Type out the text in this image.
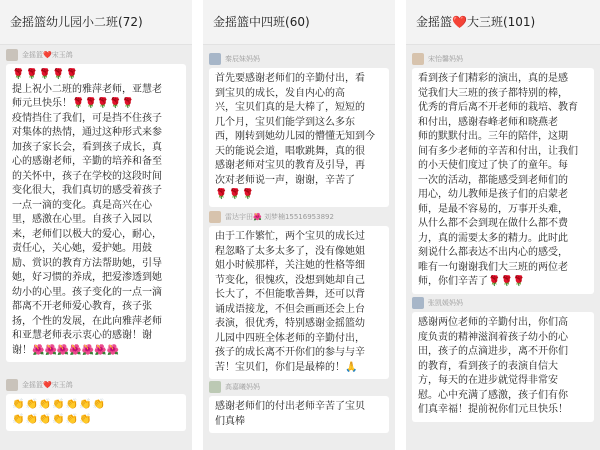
金摇篮幼儿园小二班(72)
金摇篮❤️宋玉鸽
🌹🌹🌹🌹🌹
提上祝小二班的雅萍老师，亚慧老
师元旦快乐！🌹🌹🌹🌹🌹
疫情挡住了我们，可是挡不住孩子
对集体的热情，通过这种形式来参
加孩子家长会，看到孩子成长，真
心的感谢老师，辛勤的培养和备至
的关怀中，孩子在学校的这段时间
变化很大，我们真切的感受着孩子
一点一滴的变化。真是高兴在心
里，感激在心里。自孩子入园以
来，老师们以极大的爱心，耐心，
责任心，关心她，爱护她。用鼓
励、赏识的教育方法帮助她，引导
她，好习惯的养成，把爱渗透到她
幼小的心里。孩子变化的一点一滴
都离不开老师爱心教育，孩子张
扬，个性的发展，在此向雅萍老师
和亚慧老师表示衷心的感谢！谢
谢！🌺🌺🌺🌺🌺🌺🌺
金摇篮❤️宋玉鸽
👏👏👏👏👏👏👏
👏👏👏👏👏👏
金摇篮中四班(60)
秦辰妹妈妈
首先要感谢老师们的辛勤付出，看
到宝贝的成长，发自内心的高
兴，宝贝们真的是大棒了，短短的
几个月，宝贝们能学到这么多东
西，刚转到她幼儿园的懵懂无知到今
天的能说会道，唱歌跳舞，真的很
感谢老师对宝贝的教育及引导，再
次对老师说一声，谢谢，辛苦了
🌹🌹🌹
雷达宇田🌺 刘梦楠15516953892
由于工作繁忙，两个宝贝的成长过
程忽略了太多太多了，没有像她姐
姐小时候那样，关注她的性格等细
节变化，很愧疚，没想到她却自己
长大了，不但能歌善舞，还可以背
诵成语接龙，不但会画画还会上台
表演，很优秀，特别感谢金摇篮幼
儿园中四班全体老师的辛勤付出，
孩子的成长离不开你们的参与与辛
苦！宝贝们，你们是最棒的！🙏
高嘉曦妈妈
感谢老师们的付出老师辛苦了宝贝
们真棒
金摇篮❤️大三班(101)
宋怡馨妈妈
看到孩子们精彩的演出，真的是感
觉我们大三班的孩子都特别的棒，
优秀的背后离不开老师的栽培、教育
和付出，感谢春峰老师和晓燕老
师的默默付出。三年的陪伴，这期
间有多少老师的辛苦和付出，让我们
的小天使们度过了快了的童年。每
一次的活动，都能感受到老师们的
用心，幼儿教师是孩子们的启蒙老
师，是最不容易的，万事开头难，
从什么都不会到现在做什么都不费
力，真的需要太多的精力。此时此
刻说什么都表达不出内心的感受，
唯有一句谢谢我们大三班的两位老
师，你们辛苦了🌹🌹🌹
张凯媛妈妈
感谢两位老师的辛勤付出，你们高
度负责的精神滋润着孩子幼小的心
田，孩子的点滴进步，离不开你们
的教育，看到孩子的表演自信大
方，每天的在进步就觉得非常安
慰。心中充满了感激，孩子们有你
们真幸福！提前祝你们元旦快乐！
